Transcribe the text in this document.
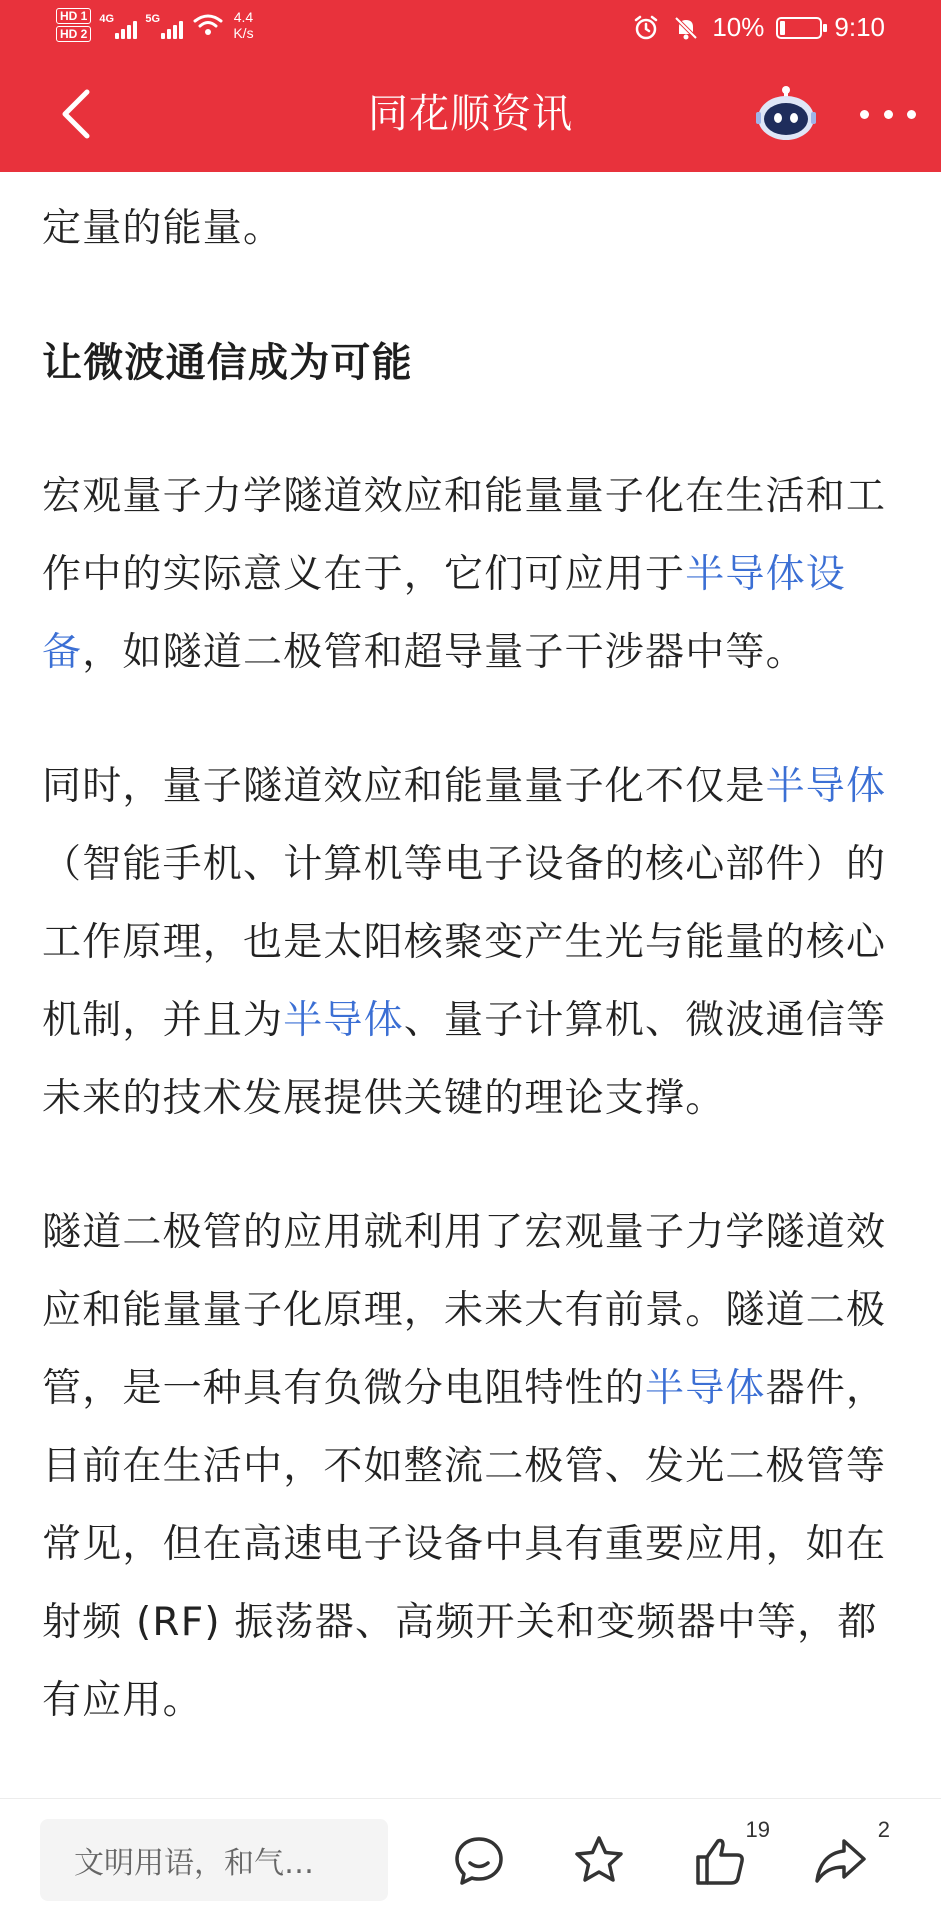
HD 1
HD 2
4G	5G	4.4
K/s	10%	9:10
同花顺资讯

定量的能量。

让微波通信成为可能

宏观量子力学隧道效应和能量量子化在生活和工作中的实际意义在于，它们可应用于半导体设备，如隧道二极管和超导量子干涉器中等。

同时，量子隧道效应和能量量子化不仅是半导体（智能手机、计算机等电子设备的核心部件）的工作原理，也是太阳核聚变产生光与能量的核心机制，并且为半导体、量子计算机、微波通信等未来的技术发展提供关键的理论支撑。

隧道二极管的应用就利用了宏观量子力学隧道效应和能量量子化原理，未来大有前景。隧道二极管，是一种具有负微分电阻特性的半导体器件，目前在生活中，不如整流二极管、发光二极管等常见，但在高速电子设备中具有重要应用，如在射频 (RF) 振荡器、高频开关和变频器中等，都有应用。

文明用语，和气…
19	2
